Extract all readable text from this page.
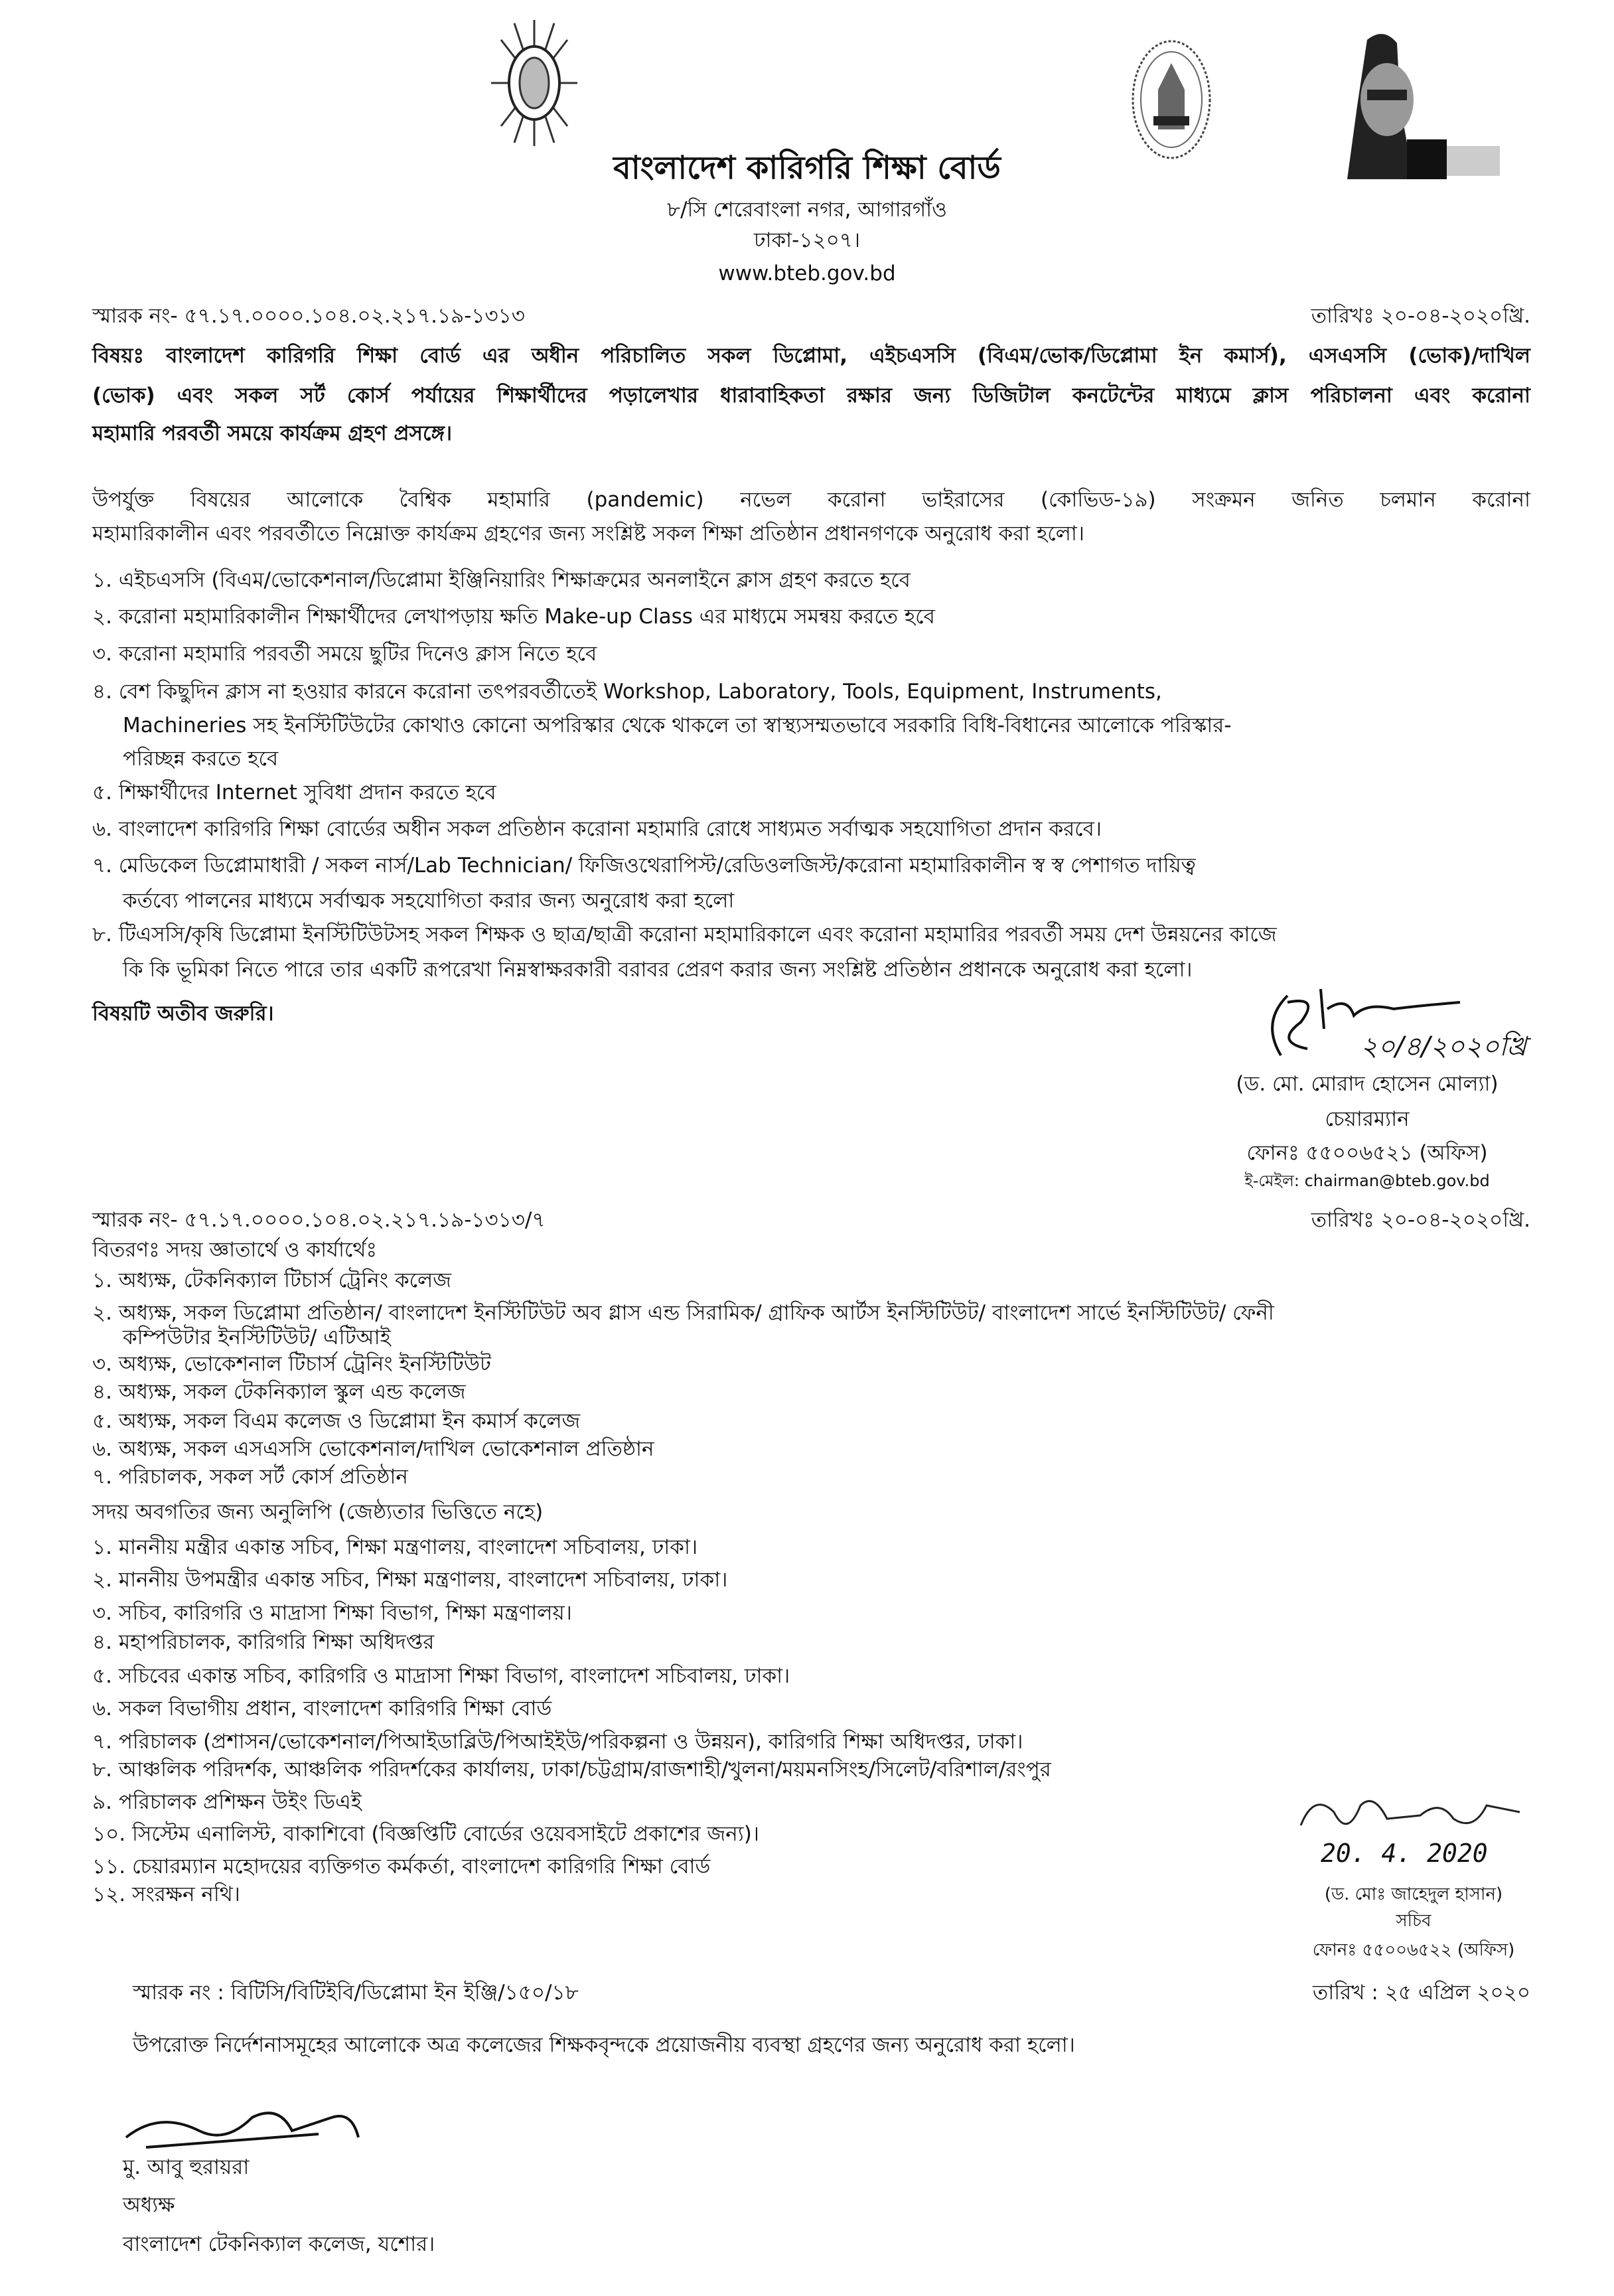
বাংলাদেশ কারিগরি শিক্ষা বোর্ড
৮/সি শেরেবাংলা নগর, আগারগাঁও
ঢাকা-১২০৭।
www.bteb.gov.bd
স্মারক নং- ৫৭.১৭.০০০০.১০৪.০২.২১৭.১৯-১৩১৩	তারিখঃ ২০-০৪-২০২০খ্রি.
বিষয়ঃ বাংলাদেশ কারিগরি শিক্ষা বোর্ড এর অধীন পরিচালিত সকল ডিপ্লোমা, এইচএসসি (বিএম/ভোক/ডিপ্লোমা ইন কমার্স), এসএসসি (ভোক)/দাখিল
(ভোক) এবং সকল সর্ট কোর্স পর্যায়ের শিক্ষার্থীদের পড়ালেখার ধারাবাহিকতা রক্ষার জন্য ডিজিটাল কনটেন্টের মাধ্যমে ক্লাস পরিচালনা এবং করোনা
মহামারি পরবর্তী সময়ে কার্যক্রম গ্রহণ প্রসঙ্গে।
উপর্যুক্ত বিষয়ের আলোকে বৈশ্বিক মহামারি (pandemic) নভেল করোনা ভাইরাসের (কোভিড-১৯) সংক্রমন জনিত চলমান করোনা
মহামারিকালীন এবং পরবর্তীতে নিম্নোক্ত কার্যক্রম গ্রহণের জন্য সংশ্লিষ্ট সকল শিক্ষা প্রতিষ্ঠান প্রধানগণকে অনুরোধ করা হলো।
১. এইচএসসি (বিএম/ভোকেশনাল/ডিপ্লোমা ইঞ্জিনিয়ারিং শিক্ষাক্রমের অনলাইনে ক্লাস গ্রহণ করতে হবে
২. করোনা মহামারিকালীন শিক্ষার্থীদের লেখাপড়ায় ক্ষতি Make-up Class এর মাধ্যমে সমন্বয় করতে হবে
৩. করোনা মহামারি পরবর্তী সময়ে ছুটির দিনেও ক্লাস নিতে হবে
৪. বেশ কিছুদিন ক্লাস না হওয়ার কারনে করোনা তৎপরবর্তীতেই Workshop, Laboratory, Tools, Equipment, Instruments,
Machineries সহ ইনস্টিটিউটের কোথাও কোনো অপরিস্কার থেকে থাকলে তা স্বাস্থ্যসম্মতভাবে সরকারি বিধি-বিধানের আলোকে পরিস্কার-
পরিচ্ছন্ন করতে হবে
৫. শিক্ষার্থীদের Internet সুবিধা প্রদান করতে হবে
৬. বাংলাদেশ কারিগরি শিক্ষা বোর্ডের অধীন সকল প্রতিষ্ঠান করোনা মহামারি রোধে সাধ্যমত সর্বাত্মক সহযোগিতা প্রদান করবে।
৭. মেডিকেল ডিপ্লোমাধারী / সকল নার্স/Lab Technician/ ফিজিওথেরাপিস্ট/রেডিওলজিস্ট/করোনা মহামারিকালীন স্ব স্ব পেশাগত দায়িত্ব
কর্তব্যে পালনের মাধ্যমে সর্বাত্মক সহযোগিতা করার জন্য অনুরোধ করা হলো
৮. টিএসসি/কৃষি ডিপ্লোমা ইনস্টিটিউটসহ সকল শিক্ষক ও ছাত্র/ছাত্রী করোনা মহামারিকালে এবং করোনা মহামারির পরবর্তী সময় দেশ উন্নয়নের কাজে
কি কি ভূমিকা নিতে পারে তার একটি রূপরেখা নিম্নস্বাক্ষরকারী বরাবর প্রেরণ করার জন্য সংশ্লিষ্ট প্রতিষ্ঠান প্রধানকে অনুরোধ করা হলো।
বিষয়টি অতীব জরুরি।
২০/৪/২০২০খ্রি
(ড. মো. মোরাদ হোসেন মোল্যা)
চেয়ারম্যান
ফোনঃ ৫৫০০৬৫২১ (অফিস)
ই-মেইল: chairman@bteb.gov.bd
স্মারক নং- ৫৭.১৭.০০০০.১০৪.০২.২১৭.১৯-১৩১৩/৭	তারিখঃ ২০-০৪-২০২০খ্রি.
বিতরণঃ সদয় জ্ঞাতার্থে ও কার্যার্থেঃ
১. অধ্যক্ষ, টেকনিক্যাল টিচার্স ট্রেনিং কলেজ
২. অধ্যক্ষ, সকল ডিপ্লোমা প্রতিষ্ঠান/ বাংলাদেশ ইনস্টিটিউট অব গ্লাস এন্ড সিরামিক/ গ্রাফিক আর্টস ইনস্টিটিউট/ বাংলাদেশ সার্ভে ইনস্টিটিউট/ ফেনী
কম্পিউটার ইনস্টিটিউট/ এটিআই
৩. অধ্যক্ষ, ভোকেশনাল টিচার্স ট্রেনিং ইনস্টিটিউট
৪. অধ্যক্ষ, সকল টেকনিক্যাল স্কুল এন্ড কলেজ
৫. অধ্যক্ষ, সকল বিএম কলেজ ও ডিপ্লোমা ইন কমার্স কলেজ
৬. অধ্যক্ষ, সকল এসএসসি ভোকেশনাল/দাখিল ভোকেশনাল প্রতিষ্ঠান
৭. পরিচালক, সকল সর্ট কোর্স প্রতিষ্ঠান
সদয় অবগতির জন্য অনুলিপি (জেষ্ঠ্যতার ভিত্তিতে নহে)
১. মাননীয় মন্ত্রীর একান্ত সচিব, শিক্ষা মন্ত্রণালয়, বাংলাদেশ সচিবালয়, ঢাকা।
২. মাননীয় উপমন্ত্রীর একান্ত সচিব, শিক্ষা মন্ত্রণালয়, বাংলাদেশ সচিবালয়, ঢাকা।
৩. সচিব, কারিগরি ও মাদ্রাসা শিক্ষা বিভাগ, শিক্ষা মন্ত্রণালয়।
৪. মহাপরিচালক, কারিগরি শিক্ষা অধিদপ্তর
৫. সচিবের একান্ত সচিব, কারিগরি ও মাদ্রাসা শিক্ষা বিভাগ, বাংলাদেশ সচিবালয়, ঢাকা।
৬. সকল বিভাগীয় প্রধান, বাংলাদেশ কারিগরি শিক্ষা বোর্ড
৭. পরিচালক (প্রশাসন/ভোকেশনাল/পিআইডাব্লিউ/পিআইইউ/পরিকল্পনা ও উন্নয়ন), কারিগরি শিক্ষা অধিদপ্তর, ঢাকা।
৮. আঞ্চলিক পরিদর্শক, আঞ্চলিক পরিদর্শকের কার্যালয়, ঢাকা/চট্টগ্রাম/রাজশাহী/খুলনা/ময়মনসিংহ/সিলেট/বরিশাল/রংপুর
৯. পরিচালক প্রশিক্ষন উইং ডিএই
১০. সিস্টেম এনালিস্ট, বাকাশিবো (বিজ্ঞপ্তিটি বোর্ডের ওয়েবসাইটে প্রকাশের জন্য)।
১১. চেয়ারম্যান মহোদয়ের ব্যক্তিগত কর্মকর্তা, বাংলাদেশ কারিগরি শিক্ষা বোর্ড
১২. সংরক্ষন নথি।
20. 4. 2020
(ড. মোঃ জাহেদুল হাসান)
সচিব
ফোনঃ ৫৫০০৬৫২২ (অফিস)
স্মারক নং : বিটিসি/বিটিইবি/ডিপ্লোমা ইন ইঞ্জি/১৫০/১৮	তারিখ : ২৫ এপ্রিল ২০২০
উপরোক্ত নির্দেশনাসমূহের আলোকে অত্র কলেজের শিক্ষকবৃন্দকে প্রয়োজনীয় ব্যবস্থা গ্রহণের জন্য অনুরোধ করা হলো।
মু. আবু হুরায়রা
অধ্যক্ষ
বাংলাদেশ টেকনিক্যাল কলেজ, যশোর।
